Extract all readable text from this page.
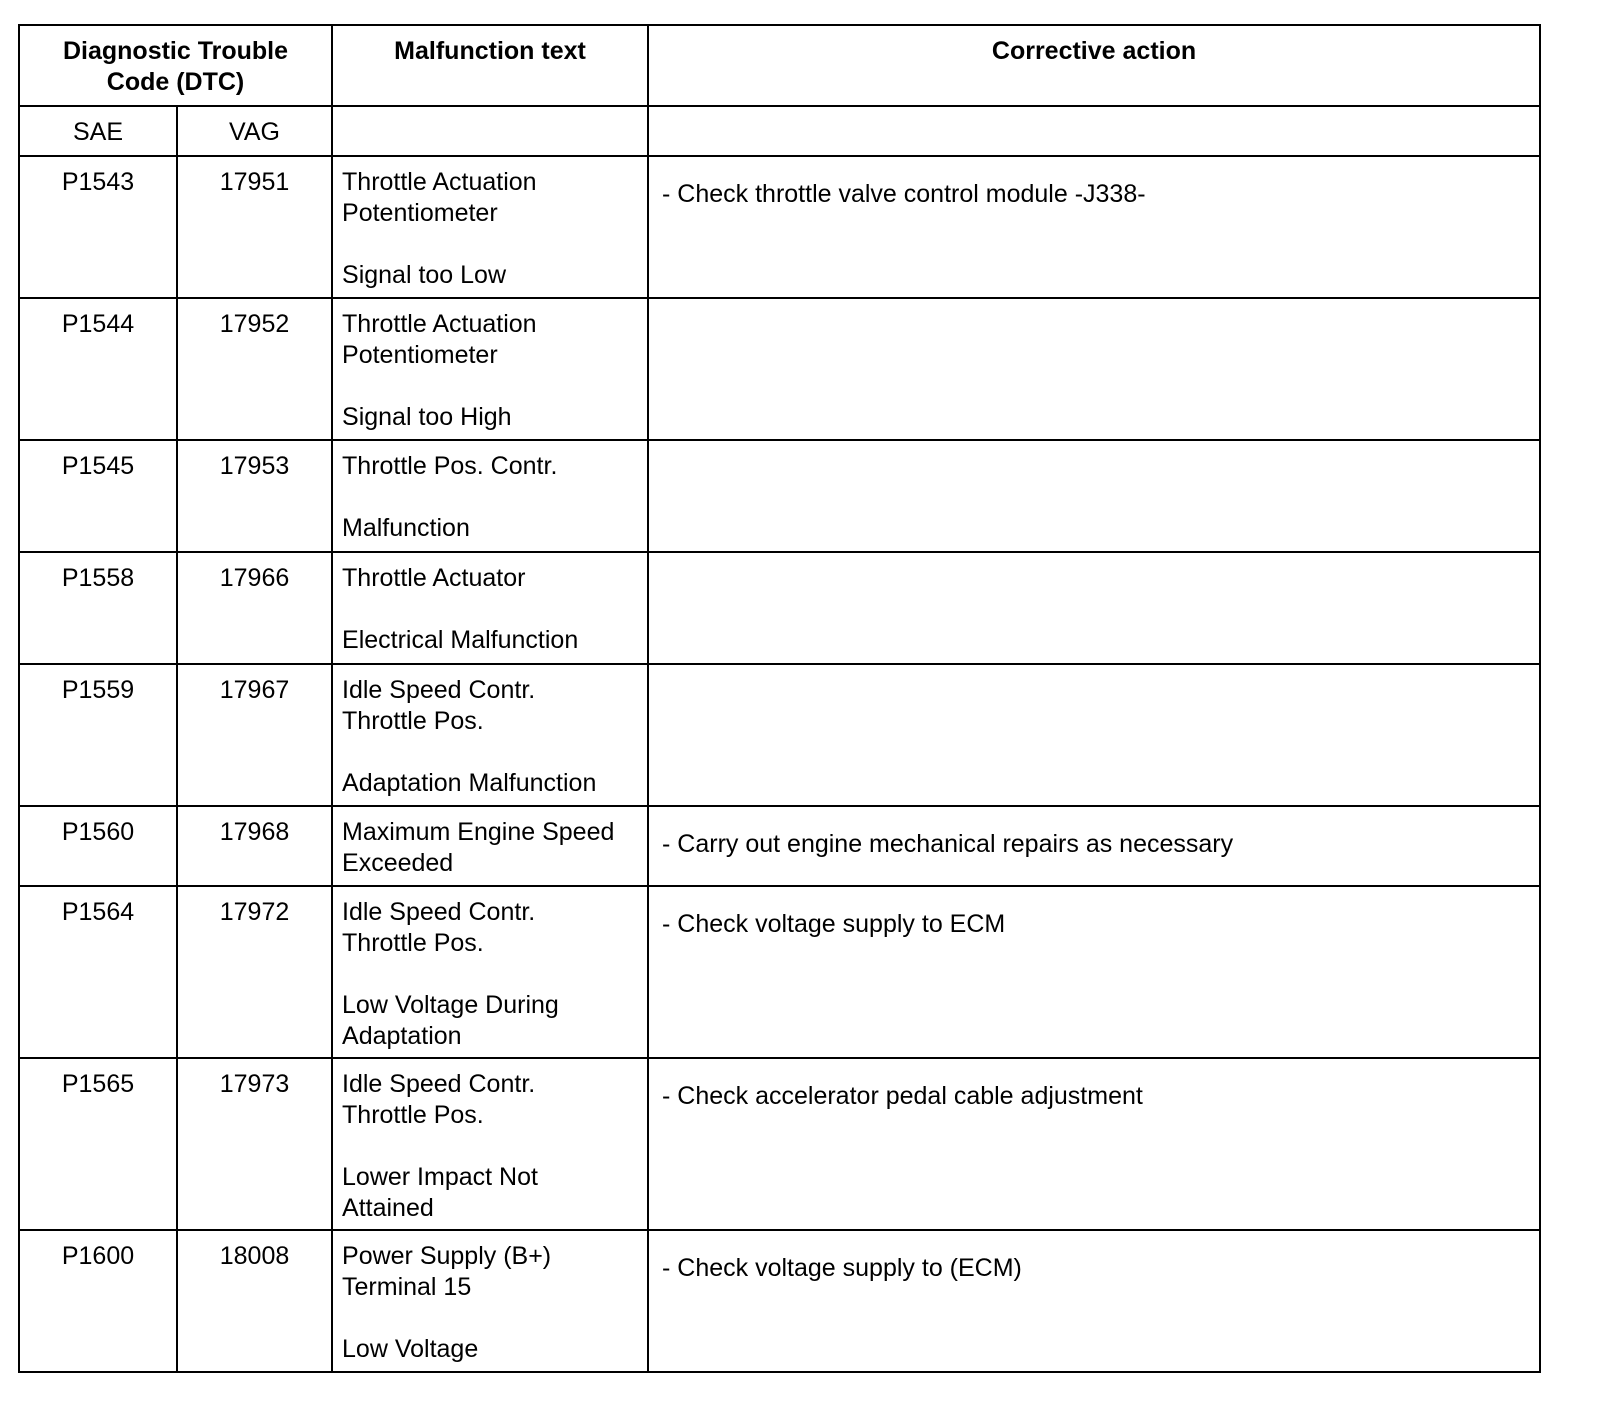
Diagnostic Trouble Code (DTC)		Malfunction text	Corrective action
SAE	VAG		
P1543	17951	Throttle Actuation
Potentiometer
Signal too Low	- Check throttle valve control module -J338-
P1544	17952	Throttle Actuation
Potentiometer
Signal too High	

P1545	17953	Throttle Pos. Contr.
Malfunction	

P1558	17966	Throttle Actuator
Electrical Malfunction	

P1559	17967	Idle Speed Contr.
Throttle Pos.
Adaptation Malfunction	

P1560	17968	Maximum Engine Speed
Exceeded	- Carry out engine mechanical repairs as necessary
P1564	17972	Idle Speed Contr.
Throttle Pos.
Low Voltage During
Adaptation	- Check voltage supply to ECM
P1565	17973	Idle Speed Contr.
Throttle Pos.
Lower Impact Not
Attained	- Check accelerator pedal cable adjustment
P1600	18008	Power Supply (B+)
Terminal 15
Low Voltage	- Check voltage supply to (ECM)
